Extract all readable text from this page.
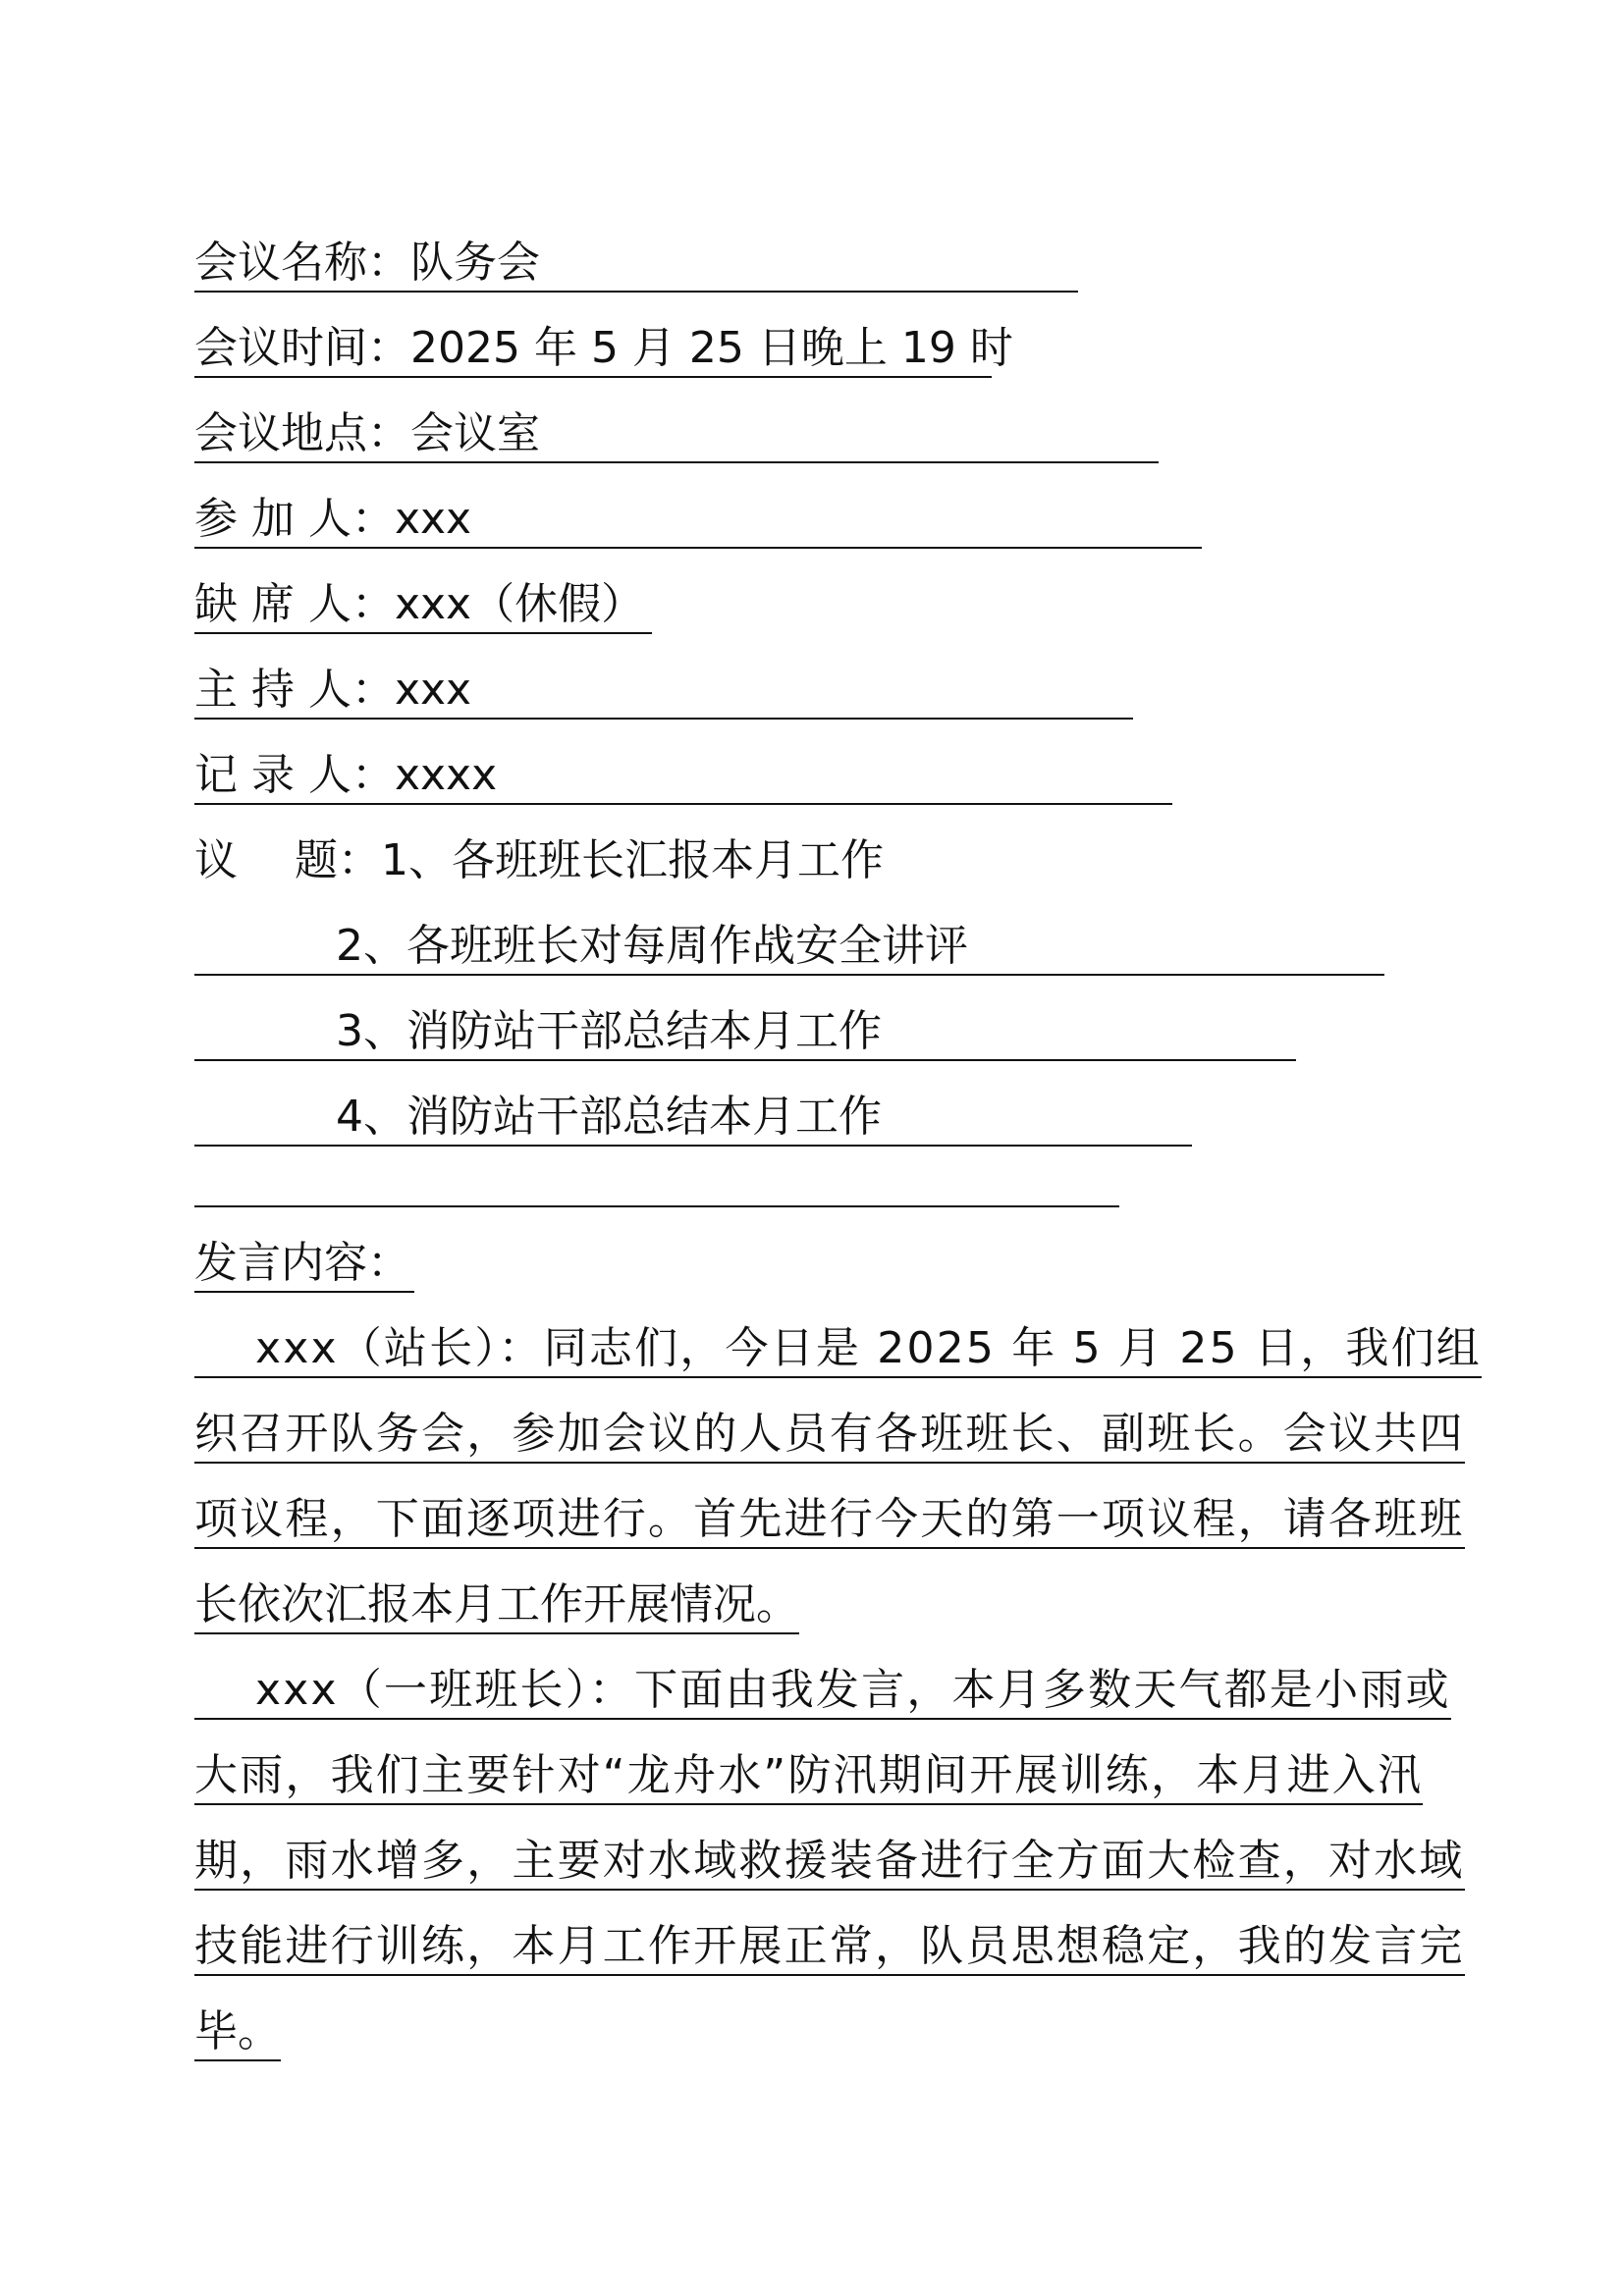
会议名称：队务会
会议时间：2025 年 5 月 25 日晚上 19 时
会议地点：会议室
参 加 人：xxx
缺 席 人：xxx（休假）
主 持 人：xxx
记 录 人：xxxx
议　 题：1、各班班长汇报本月工作
2、各班班长对每周作战安全讲评
3、消防站干部总结本月工作
4、消防站干部总结本月工作
发言内容：
xxx（站长）：同志们，今日是 2025 年 5 月 25 日，我们组
织召开队务会，参加会议的人员有各班班长、副班长。会议共四
项议程，下面逐项进行。首先进行今天的第一项议程，请各班班
长依次汇报本月工作开展情况。
xxx（一班班长）：下面由我发言，本月多数天气都是小雨或
大雨，我们主要针对“龙舟水”防汛期间开展训练，本月进入汛
期，雨水增多，主要对水域救援装备进行全方面大检查，对水域
技能进行训练，本月工作开展正常，队员思想稳定，我的发言完
毕。
